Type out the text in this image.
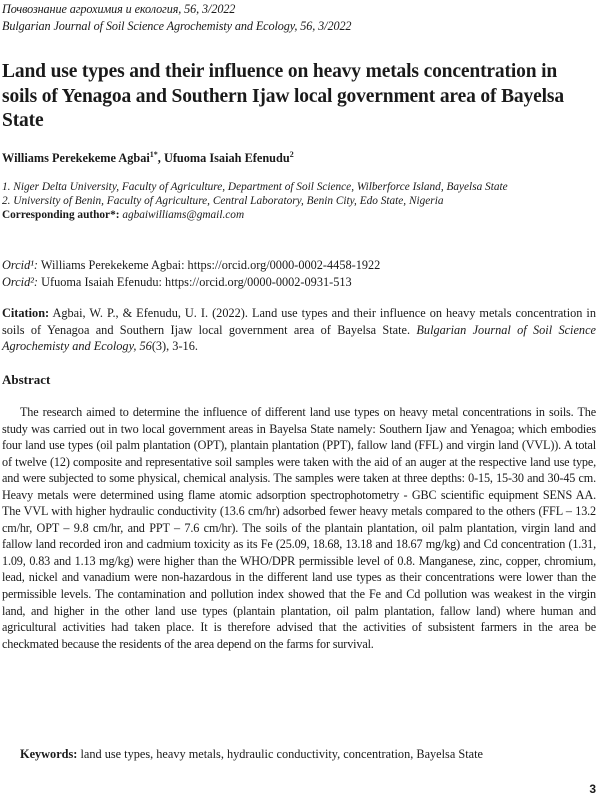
Почвознание агрохимия и екология, 56, 3/2022
Bulgarian Journal of Soil Science Agrochemisty and Ecology, 56, 3/2022
Land use types and their influence on heavy metals concentration in soils of Yenagoa and Southern Ijaw local government area of Bayelsa State
Williams Perekekeme Agbai$^{1*}$, Ufuoma Isaiah Efenudu$^2$

1. Niger Delta University, Faculty of Agriculture, Department of Soil Science, Wilberforce Island, Bayelsa State

2. University of Benin, Faculty of Agriculture, Central Laboratory, Benin City, Edo State, Nigeria

Corresponding author*: agbaiwilliams@gmail.com

Orcid¹: Williams Perekekeme Agbai: https://orcid.org/0000-0002-4458-1922

Orcid²: Ufuoma Isaiah Efenudu: https://orcid.org/0000-0002-0931-513

Citation: Agbai, W. P., & Efenudu, U. I. (2022). Land use types and their influence on heavy metals concentration in soils of Yenagoa and Southern Ijaw local government area of Bayelsa State. Bulgarian Journal of Soil Science Agrochemisty and Ecology, 56(3), 3-16.

Abstract

The research aimed to determine the influence of different land use types on heavy metal concentrations in soils. The study was carried out in two local government areas in Bayelsa State namely: Southern Ijaw and Yenagoa; which embodies four land use types (oil palm plantation (OPT), plantain plantation (PPT), fallow land (FFL) and virgin land (VVL)). A total of twelve (12) composite and representative soil samples were taken with the aid of an auger at the respective land use type, and were subjected to some physical, chemical analysis. The samples were taken at three depths: 0-15, 15-30 and 30-45 cm. Heavy metals were determined using flame atomic adsorption spectrophotometry - GBC scientific equipment SENS AA. The VVL with higher hydraulic conductivity (13.6 cm/hr) adsorbed fewer heavy metals compared to the others (FFL – 13.2 cm/hr, OPT – 9.8 cm/hr, and PPT – 7.6 cm/hr). The soils of the plantain plantation, oil palm plantation, virgin land and fallow land recorded iron and cadmium toxicity as its Fe (25.09, 18.68, 13.18 and 18.67 mg/kg) and Cd concentration (1.31, 1.09, 0.83 and 1.13 mg/kg) were higher than the WHO/DPR permissible level of 0.8. Manganese, zinc, copper, chromium, lead, nickel and vanadium were non-hazardous in the different land use types as their concentrations were lower than the permissible levels. The contamination and pollution index showed that the Fe and Cd pollution was weakest in the virgin land, and higher in the other land use types (plantain plantation, oil palm plantation, fallow land) where human and agricultural activities had taken place. It is therefore advised that the activities of subsistent farmers in the area be checkmated because the residents of the area depend on the farms for survival.

Keywords: land use types, heavy metals, hydraulic conductivity, concentration, Bayelsa State

3
